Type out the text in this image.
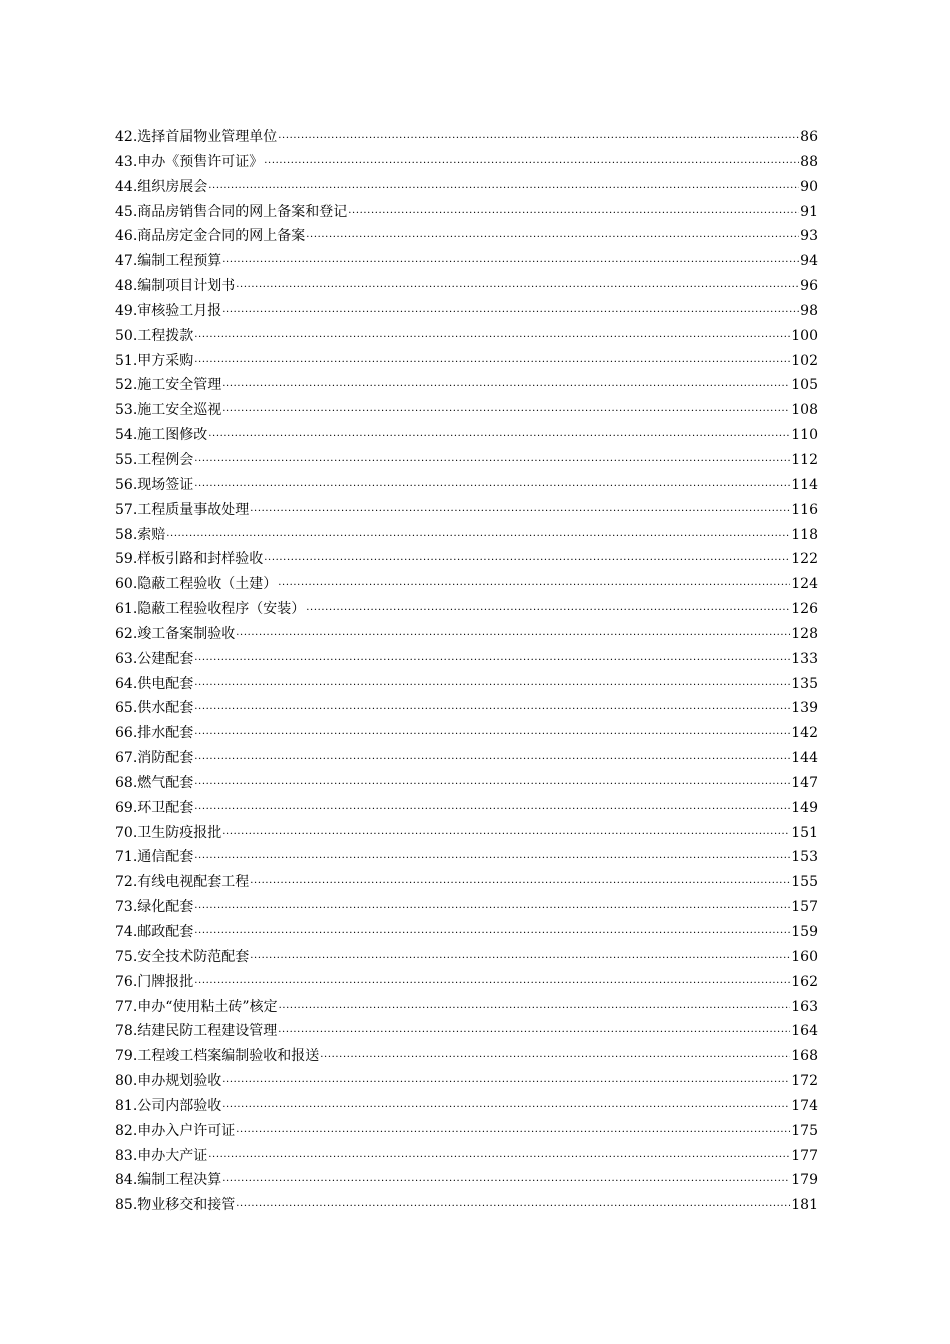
42.选择首届物业管理单位 ·····	86
43.申办《预售许可证》 ·····	88
44.组织房展会 ·····	90
45.商品房销售合同的网上备案和登记 ·····	91
46.商品房定金合同的网上备案 ·····	93
47.编制工程预算 ·····	94
48.编制项目计划书 ·····	96
49.审核验工月报 ·····	98
50.工程拨款 ·····	100
51.甲方采购 ·····	102
52.施工安全管理 ·····	105
53.施工安全巡视 ·····	108
54.施工图修改 ·····	110
55.工程例会 ·····	112
56.现场签证 ·····	114
57.工程质量事故处理 ·····	116
58.索赔 ·····	118
59.样板引路和封样验收 ·····	122
60.隐蔽工程验收（土建） ·····	124
61.隐蔽工程验收程序（安装） ·····	126
62.竣工备案制验收 ·····	128
63.公建配套 ·····	133
64.供电配套 ·····	135
65.供水配套 ·····	139
66.排水配套 ·····	142
67.消防配套 ·····	144
68.燃气配套 ·····	147
69.环卫配套 ·····	149
70.卫生防疫报批 ·····	151
71.通信配套 ·····	153
72.有线电视配套工程 ·····	155
73.绿化配套 ·····	157
74.邮政配套 ·····	159
75.安全技术防范配套 ·····	160
76.门牌报批 ·····	162
77.申办“使用粘土砖”核定 ·····	163
78.结建民防工程建设管理 ·····	164
79.工程竣工档案编制验收和报送 ·····	168
80.申办规划验收 ·····	172
81.公司内部验收 ·····	174
82.申办入户许可证 ·····	175
83.申办大产证 ·····	177
84.编制工程决算 ·····	179
85.物业移交和接管 ·····	181
